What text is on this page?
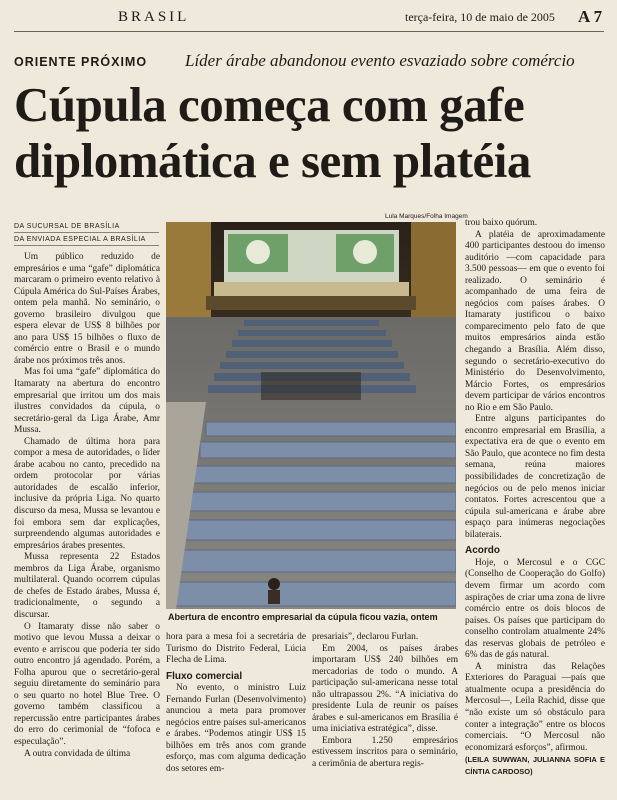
BRASIL	terça-feira, 10 de maio de 2005 A 7
ORIENTE PRÓXIMO Líder árabe abandonou evento esvaziado sobre comércio
Cúpula começa com gafe
diplomática e sem platéia
DA SUCURSAL DE BRASÍLIA
DA ENVIADA ESPECIAL A BRASÍLIA
Lula Marques/Folha Imagem
Abertura de encontro empresarial da cúpula ficou vazia, ontem

Um público reduzido de empresários e uma “gafe” diplomática marcaram o primeiro evento relativo à Cúpula América do Sul-Países Árabes, ontem pela manhã. No seminário, o governo brasileiro divulgou que espera elevar de US$ 8 bilhões por ano para US$ 15 bilhões o fluxo de comércio entre o Brasil e o mundo árabe nos próximos três anos.

Mas foi uma “gafe” diplomática do Itamaraty na abertura do encontro empresarial que irritou um dos mais ilustres convidados da cúpula, o secretário-geral da Liga Árabe, Amr Mussa.

Chamado de última hora para compor a mesa de autoridades, o líder árabe acabou no canto, precedido na ordem protocolar por várias autoridades de escalão inferior, inclusive da própria Liga. No quarto discurso da mesa, Mussa se levantou e foi embora sem dar explicações, surpreendendo algumas autoridades e empresários árabes presentes.

Mussa representa 22 Estados membros da Liga Árabe, organismo multilateral. Quando ocorrem cúpulas de chefes de Estado árabes, Mussa é, tradicionalmente, o segundo a discursar.

O Itamaraty disse não saber o motivo que levou Mussa a deixar o evento e arriscou que poderia ter sido outro encontro já agendado. Porém, a Folha apurou que o secretário-geral seguiu diretamente do seminário para o seu quarto no hotel Blue Tree. O governo também classificou a repercussão entre participantes árabes do erro do cerimonial de “fofoca e especulação”.

A outra convidada de última

hora para a mesa foi a secretária de Turismo do Distrito Federal, Lúcia Flecha de Lima.

Fluxo comercial

No evento, o ministro Luiz Fernando Furlan (Desenvolvimento) anunciou a meta para promover negócios entre países sul-americanos e árabes. “Podemos atingir US$ 15 bilhões em três anos com grande esforço, mas com alguma dedicação dos setores em-

presariais”, declarou Furlan.

Em 2004, os países árabes importaram US$ 240 bilhões em mercadorias de todo o mundo. A participação sul-americana nesse total não ultrapassou 2%. “A iniciativa do presidente Lula de reunir os países árabes e sul-americanos em Brasília é uma iniciativa estratégica”, disse.

Embora 1.250 empresários estivessem inscritos para o seminário, a cerimônia de abertura regis-

trou baixo quórum.

A platéia de aproximadamente 400 participantes destoou do imenso auditório —com capacidade para 3.500 pessoas— em que o evento foi realizado. O seminário é acompanhado de uma feira de negócios com países árabes. O Itamaraty justificou o baixo comparecimento pelo fato de que muitos empresários ainda estão chegando a Brasília. Além disso, segundo o secretário-executivo do Ministério do Desenvolvimento, Márcio Fortes, os empresários devem participar de vários encontros no Rio e em São Paulo.

Entre alguns participantes do encontro empresarial em Brasília, a expectativa era de que o evento em São Paulo, que acontece no fim desta semana, reúna maiores possibilidades de concretização de negócios ou de pelo menos iniciar contatos. Fortes acrescentou que a cúpula sul-americana e árabe abre espaço para inúmeras negociações bilaterais.

Acordo

Hoje, o Mercosul e o CGC (Conselho de Cooperação do Golfo) devem firmar um acordo com aspirações de criar uma zona de livre comércio entre os dois blocos de países. Os países que participam do conselho controlam atualmente 24% das reservas globais de petróleo e 6% das de gás natural.

A ministra das Relações Exteriores do Paraguai —país que atualmente ocupa a presidência do Mercosul—, Leila Rachid, disse que “não existe um só obstáculo para conter a integração” entre os blocos comerciais. “O Mercosul não economizará esforços”, afirmou.

(LEILA SUWWAN, JULIANNA SOFIA E CÍNTIA CARDOSO)
